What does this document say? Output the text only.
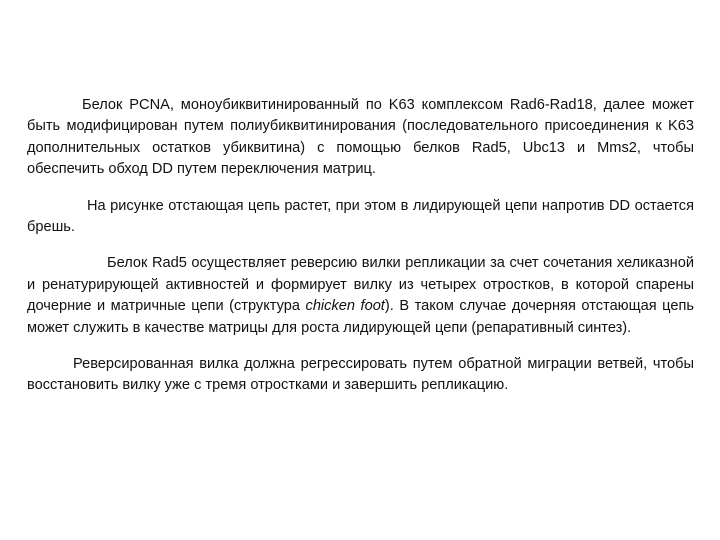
Белок PCNA, моноубиквитинированный по K63 комплексом Rad6-Rad18, далее может быть модифицирован путем полиубиквитинирования (последовательного присоединения к K63 дополнительных остатков убиквитина) с помощью белков Rad5, Ubc13 и Mms2, чтобы обеспечить обход DD путем переключения матриц.

На рисунке отстающая цепь растет, при этом в лидирующей цепи напротив DD остается брешь.

Белок Rad5 осуществляет реверсию вилки репликации за счет сочетания хеликазной и ренатурирующей активностей и формирует вилку из четырех отростков, в которой спарены дочерние и матричные цепи (структура chicken foot). В таком случае дочерняя отстающая цепь может служить в качестве матрицы для роста лидирующей цепи (репаративный синтез).

Реверсированная вилка должна регрессировать путем обратной миграции ветвей, чтобы восстановить вилку уже с тремя отростками и завершить репликацию.
